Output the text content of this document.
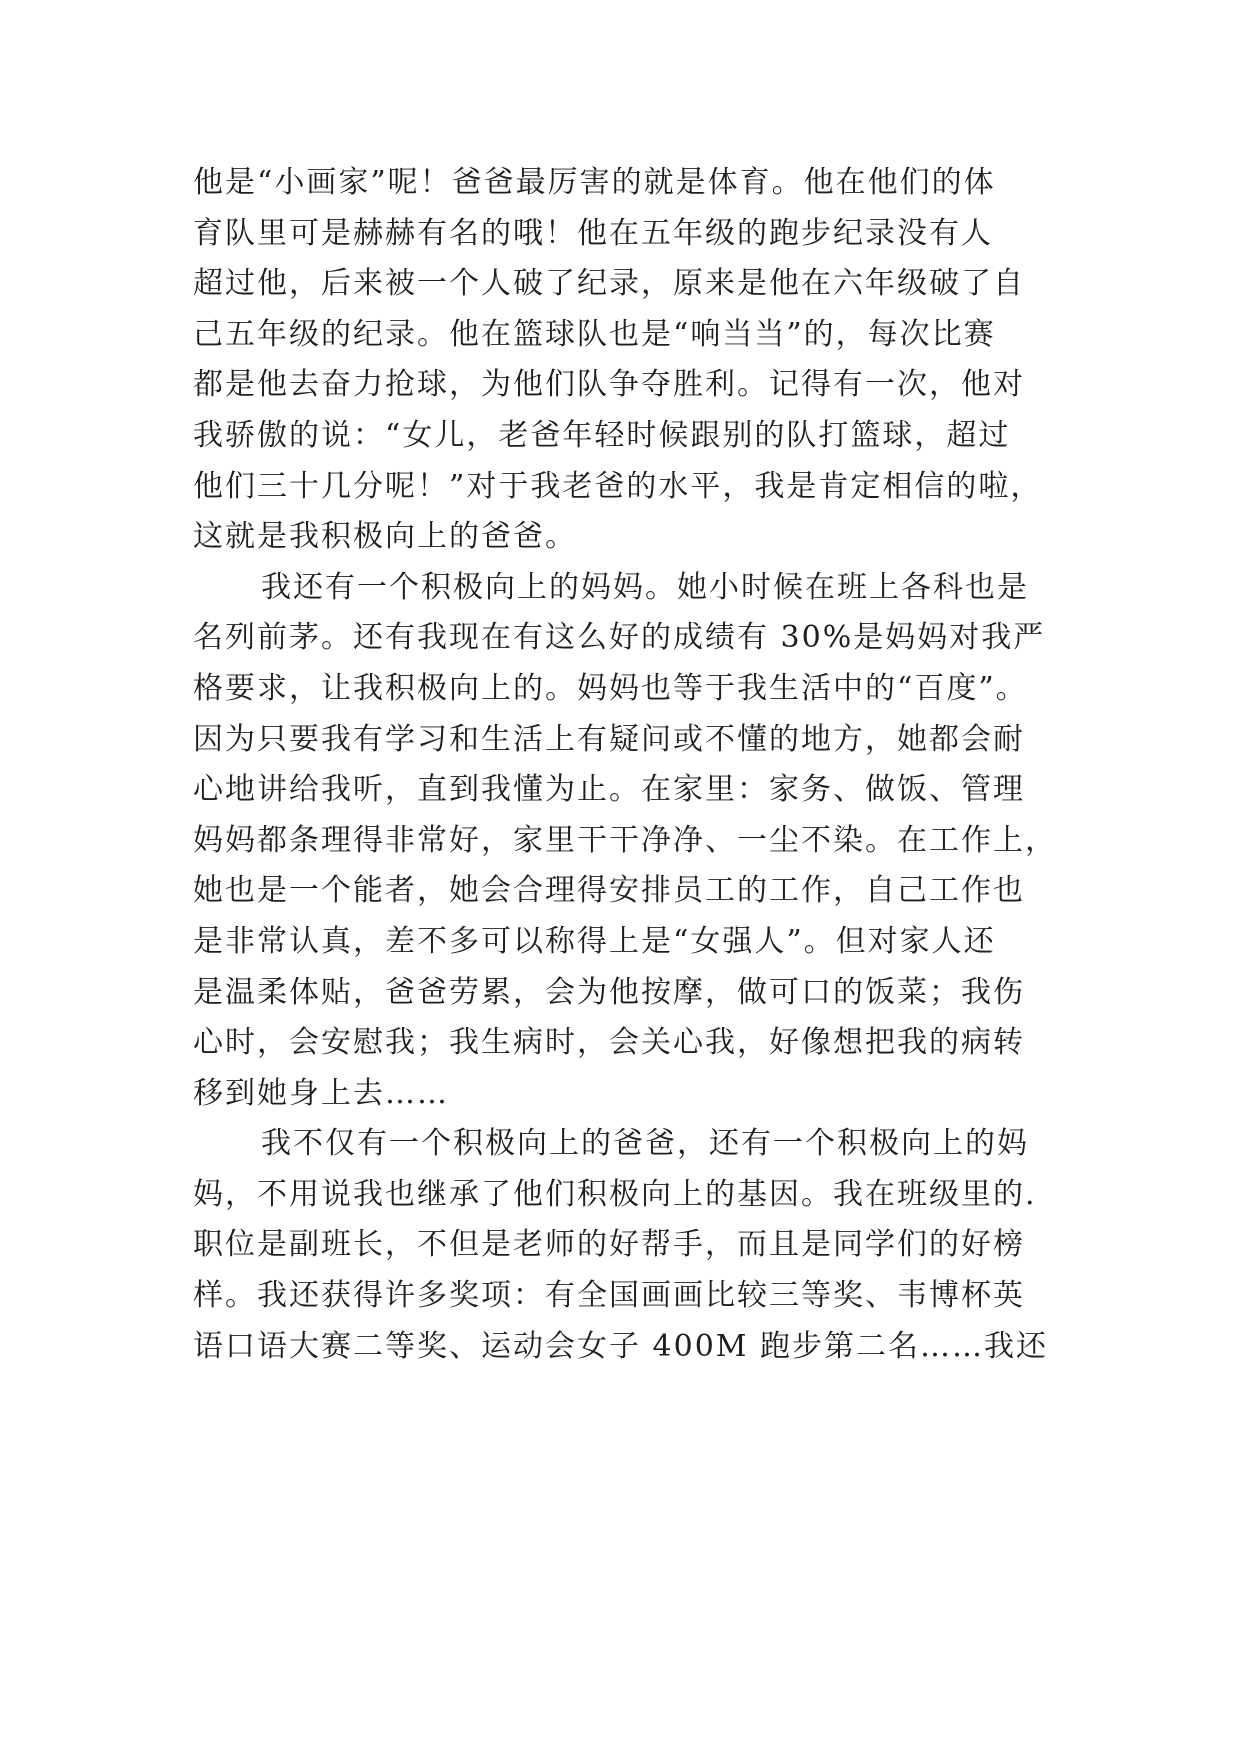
他是“小画家”呢！爸爸最厉害的就是体育。他在他们的体
育队里可是赫赫有名的哦！他在五年级的跑步纪录没有人
超过他，后来被一个人破了纪录，原来是他在六年级破了自
己五年级的纪录。他在篮球队也是“响当当”的，每次比赛
都是他去奋力抢球，为他们队争夺胜利。记得有一次，他对
我骄傲的说：“女儿，老爸年轻时候跟别的队打篮球，超过
他们三十几分呢！”对于我老爸的水平，我是肯定相信的啦，
这就是我积极向上的爸爸。
我还有一个积极向上的妈妈。她小时候在班上各科也是
名列前茅。还有我现在有这么好的成绩有 30%是妈妈对我严
格要求，让我积极向上的。妈妈也等于我生活中的“百度”。
因为只要我有学习和生活上有疑问或不懂的地方，她都会耐
心地讲给我听，直到我懂为止。在家里：家务、做饭、管理
妈妈都条理得非常好，家里干干净净、一尘不染。在工作上，
她也是一个能者，她会合理得安排员工的工作，自己工作也
是非常认真，差不多可以称得上是“女强人”。但对家人还
是温柔体贴，爸爸劳累，会为他按摩，做可口的饭菜；我伤
心时，会安慰我；我生病时，会关心我，好像想把我的病转
移到她身上去……
我不仅有一个积极向上的爸爸，还有一个积极向上的妈
妈，不用说我也继承了他们积极向上的基因。我在班级里的.
职位是副班长，不但是老师的好帮手，而且是同学们的好榜
样。我还获得许多奖项：有全国画画比较三等奖、韦博杯英
语口语大赛二等奖、运动会女子 400M 跑步第二名……我还
